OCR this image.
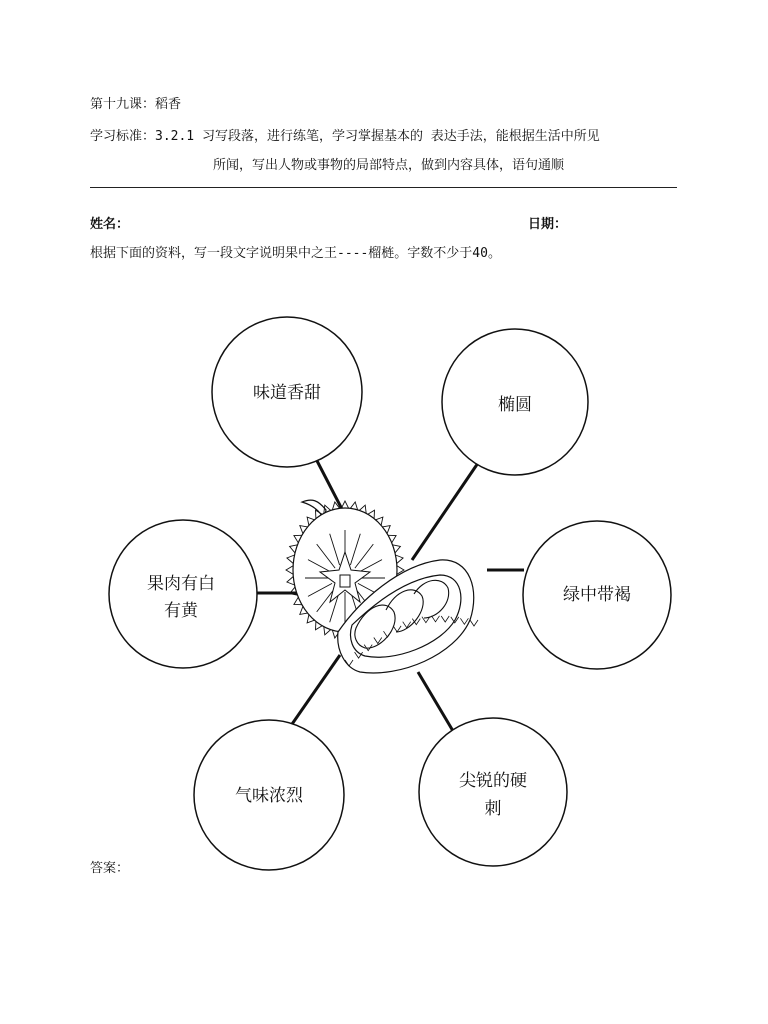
第十九课：稻香
学习标准：3.2.1 习写段落，进行练笔，学习掌握基本的 表达手法，能根据生活中所见
所闻，写出人物或事物的局部特点，做到内容具体，语句通顺
姓名：	日期：
根据下面的资料，写一段文字说明果中之王----榴梿。字数不少于40。
味道香甜
椭圆
绿中带褐
尖锐的硬
刺
气味浓烈
果肉有白
有黄
答案：
